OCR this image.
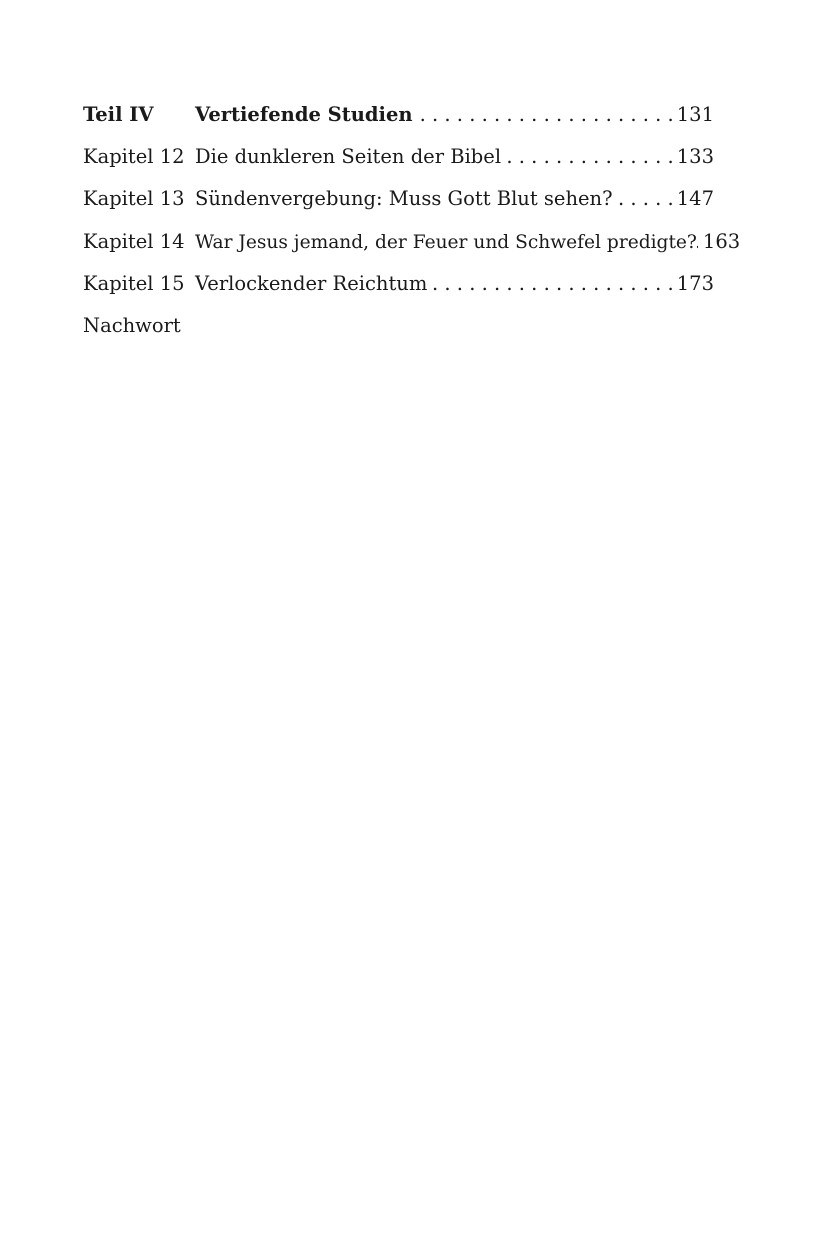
Teil IV	Vertiefende Studien . . .	131
Kapitel 12 Die dunkleren Seiten der Bibel . . .	133
Kapitel 13 Sündenvergebung: Muss Gott Blut sehen? . . .	147
Kapitel 14 War Jesus jemand, der Feuer und Schwefel predigte? . . . 163
Kapitel 15 Verlockender Reichtum . . .	173
Nachwort
